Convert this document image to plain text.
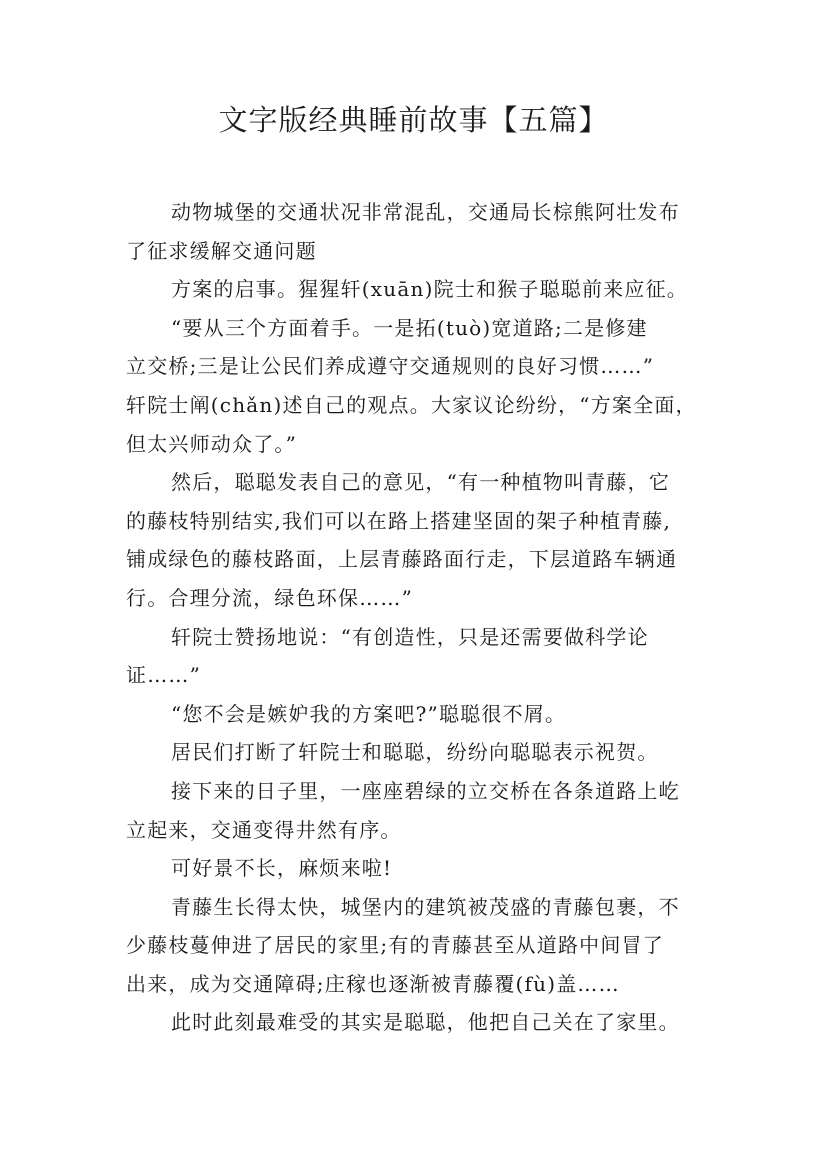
文字版经典睡前故事【五篇】
动物城堡的交通状况非常混乱，交通局长棕熊阿壮发布
了征求缓解交通问题
方案的启事。猩猩轩(xuān)院士和猴子聪聪前来应征。
“要从三个方面着手。一是拓(tuò)宽道路;二是修建
立交桥;三是让公民们养成遵守交通规则的良好习惯……”
轩院士阐(chǎn)述自己的观点。大家议论纷纷，“方案全面，
但太兴师动众了。”
然后，聪聪发表自己的意见，“有一种植物叫青藤，它
的藤枝特别结实,我们可以在路上搭建坚固的架子种植青藤,
铺成绿色的藤枝路面，上层青藤路面行走，下层道路车辆通
行。合理分流，绿色环保……”
轩院士赞扬地说：“有创造性，只是还需要做科学论
证……”
“您不会是嫉妒我的方案吧?”聪聪很不屑。
居民们打断了轩院士和聪聪，纷纷向聪聪表示祝贺。
接下来的日子里，一座座碧绿的立交桥在各条道路上屹
立起来，交通变得井然有序。
可好景不长，麻烦来啦!
青藤生长得太快，城堡内的建筑被茂盛的青藤包裹，不
少藤枝蔓伸进了居民的家里;有的青藤甚至从道路中间冒了
出来，成为交通障碍;庄稼也逐渐被青藤覆(fù)盖……
此时此刻最难受的其实是聪聪，他把自己关在了家里。
